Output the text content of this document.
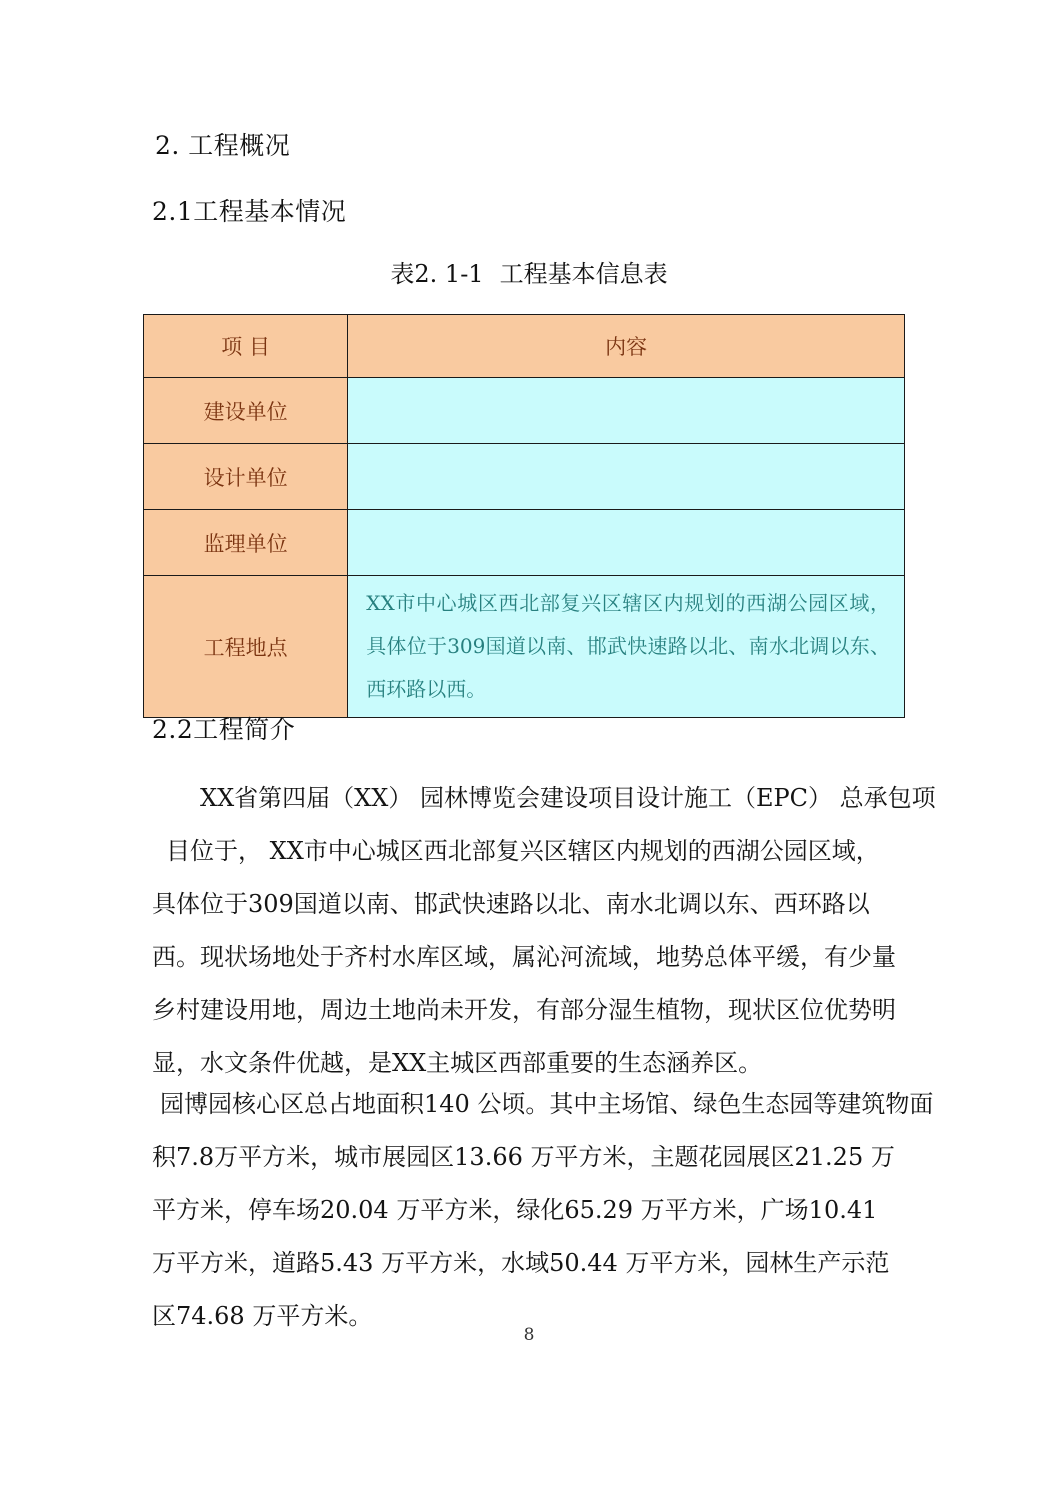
2. 工程概况
2.1工程基本情况
表2. 1-1 工程基本信息表
项 目	内容
建设单位	
设计单位	
监理单位	
工程地点	XX市中心城区西北部复兴区辖区内规划的西湖公园区域，具体位于309国道以南、邯武快速路以北、南水北调以东、西环路以西。
2.2工程简介
XX省第四届（XX） 园林博览会建设项目设计施工（EPC） 总承包项
目位于， XX市中心城区西北部复兴区辖区内规划的西湖公园区域，
具体位于309国道以南、邯武快速路以北、南水北调以东、西环路以
西。现状场地处于齐村水库区域，属沁河流域，地势总体平缓，有少量
乡村建设用地，周边土地尚未开发，有部分湿生植物，现状区位优势明
显，水文条件优越，是XX主城区西部重要的生态涵养区。
园博园核心区总占地面积140 公顷。其中主场馆、绿色生态园等建筑物面
积7.8万平方米，城市展园区13.66 万平方米，主题花园展区21.25 万
平方米，停车场20.04 万平方米，绿化65.29 万平方米，广场10.41
万平方米，道路5.43 万平方米，水域50.44 万平方米，园林生产示范
区74.68 万平方米。
8
